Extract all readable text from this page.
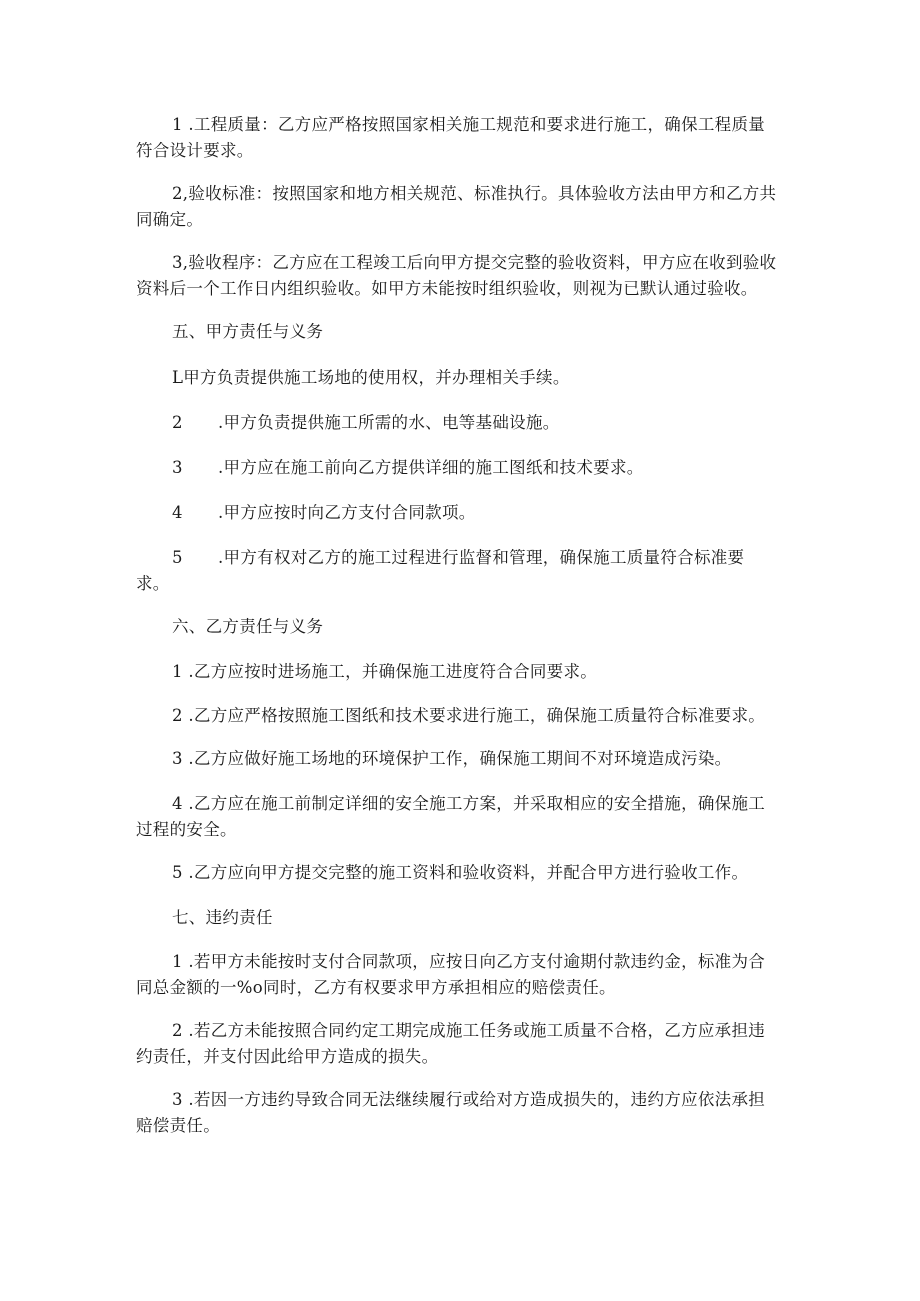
1 .工程质量：乙方应严格按照国家相关施工规范和要求进行施工，确保工程质量

符合设计要求。

2,验收标准：按照国家和地方相关规范、标准执行。具体验收方法由甲方和乙方共

同确定。

3,验收程序：乙方应在工程竣工后向甲方提交完整的验收资料，甲方应在收到验收

资料后一个工作日内组织验收。如甲方未能按时组织验收，则视为已默认通过验收。

五、甲方责任与义务

L甲方负责提供施工场地的使用权，并办理相关手续。

2 .甲方负责提供施工所需的水、电等基础设施。

3 .甲方应在施工前向乙方提供详细的施工图纸和技术要求。

4 .甲方应按时向乙方支付合同款项。

5 .甲方有权对乙方的施工过程进行监督和管理，确保施工质量符合标准要

求。

六、乙方责任与义务

1 .乙方应按时进场施工，并确保施工进度符合合同要求。

2 .乙方应严格按照施工图纸和技术要求进行施工，确保施工质量符合标准要求。

3 .乙方应做好施工场地的环境保护工作，确保施工期间不对环境造成污染。

4 .乙方应在施工前制定详细的安全施工方案，并采取相应的安全措施，确保施工

过程的安全。

5 .乙方应向甲方提交完整的施工资料和验收资料，并配合甲方进行验收工作。

七、违约责任

1 .若甲方未能按时支付合同款项，应按日向乙方支付逾期付款违约金，标准为合

同总金额的一%o同时，乙方有权要求甲方承担相应的赔偿责任。

2 .若乙方未能按照合同约定工期完成施工任务或施工质量不合格，乙方应承担违

约责任，并支付因此给甲方造成的损失。

3 .若因一方违约导致合同无法继续履行或给对方造成损失的，违约方应依法承担

赔偿责任。
